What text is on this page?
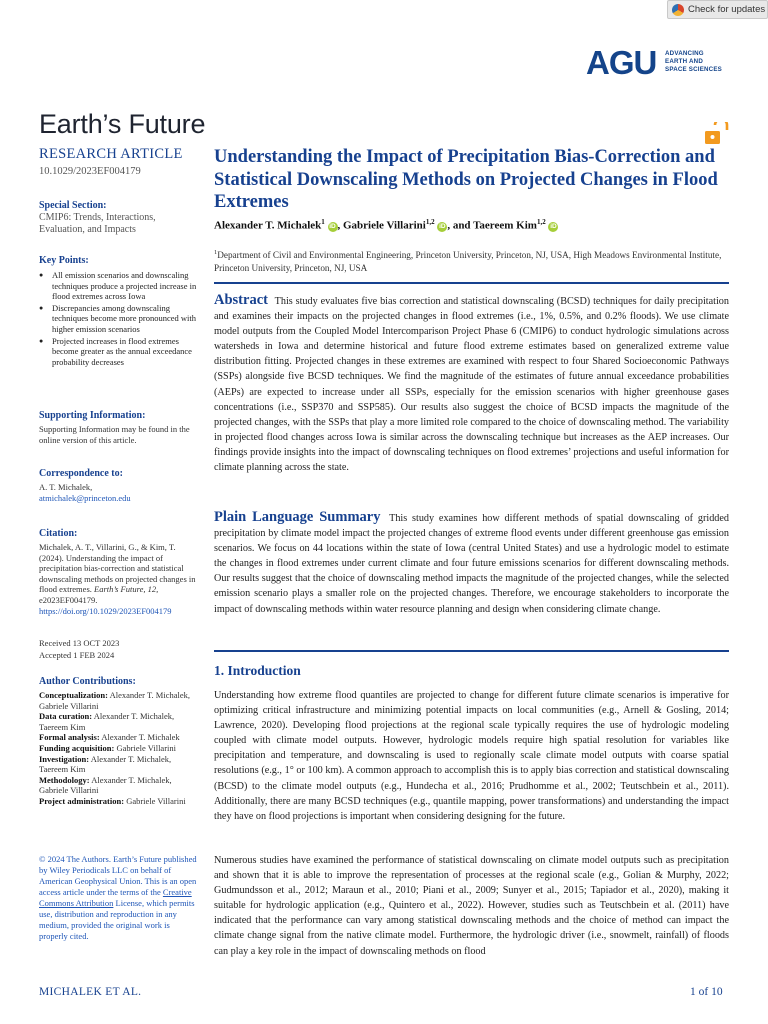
Check for updates
AGU ADVANCING
EARTH AND
SPACE SCIENCES
Earth’s Future
RESEARCH ARTICLE
10.1029/2023EF004179
Special Section:
CMIP6: Trends, Interactions, Evaluation, and Impacts
Key Points:
● All emission scenarios and downscaling techniques produce a projected increase in flood extremes across Iowa
● Discrepancies among downscaling techniques become more pronounced with higher emission scenarios
● Projected increases in flood extremes become greater as the annual exceedance probability decreases
Supporting Information:
Supporting Information may be found in the online version of this article.
Correspondence to:
A. T. Michalek,
atmichalek@princeton.edu
Citation:
Michalek, A. T., Villarini, G., & Kim, T. (2024). Understanding the impact of precipitation bias-correction and statistical downscaling methods on projected changes in flood extremes. Earth’s Future, 12, e2023EF004179. https://doi.org/10.1029/2023EF004179
Received 13 OCT 2023
Accepted 1 FEB 2024
Author Contributions:

Conceptualization: Alexander T. Michalek, Gabriele Villarini

Data curation: Alexander T. Michalek, Taereem Kim

Formal analysis: Alexander T. Michalek

Funding acquisition: Gabriele Villarini

Investigation: Alexander T. Michalek, Taereem Kim

Methodology: Alexander T. Michalek, Gabriele Villarini

Project administration: Gabriele Villarini

© 2024 The Authors. Earth’s Future published by Wiley Periodicals LLC on behalf of American Geophysical Union. This is an open access article under the terms of the Creative Commons Attribution License, which permits use, distribution and reproduction in any medium, provided the original work is properly cited.
Understanding the Impact of Precipitation Bias-Correction and Statistical Downscaling Methods on Projected Changes in Flood Extremes
Alexander T. Michalek$^1$ iD , Gabriele Villarini$^{1,2}$ iD , and Taereem Kim$^{1,2}$ iD
$^1$Department of Civil and Environmental Engineering, Princeton University, Princeton, NJ, USA, High Meadows Environmental Institute, Princeton University, Princeton, NJ, USA
Abstract This study evaluates five bias correction and statistical downscaling (BCSD) techniques for daily precipitation and examines their impacts on the projected changes in flood extremes (i.e., 1%, 0.5%, and 0.2% floods). We use climate model outputs from the Coupled Model Intercomparison Project Phase 6 (CMIP6) to conduct hydrologic simulations across watersheds in Iowa and determine historical and future flood extreme estimates based on generalized extreme value distribution fitting. Projected changes in these extremes are examined with respect to four Shared Socioeconomic Pathways (SSPs) alongside five BCSD techniques. We find the magnitude of the estimates of future annual exceedance probabilities (AEPs) are expected to increase under all SSPs, especially for the emission scenarios with higher greenhouse gases concentrations (i.e., SSP370 and SSP585). Our results also suggest the choice of BCSD impacts the magnitude of the projected changes, with the SSPs that play a more limited role compared to the choice of downscaling method. The variability in projected flood changes across Iowa is similar across the downscaling technique but increases as the AEP increases. Our findings provide insights into the impact of downscaling techniques on flood extremes’ projections and useful information for climate planning across the state.
Plain Language Summary This study examines how different methods of spatial downscaling of gridded precipitation by climate model impact the projected changes of extreme flood events under different greenhouse gas emission scenarios. We focus on 44 locations within the state of Iowa (central United States) and use a hydrologic model to estimate the changes in flood extremes under current climate and four future emissions scenarios for different downscaling methods. Our results suggest that the choice of downscaling method impacts the magnitude of the projected changes, while the selected emission scenario plays a smaller role on the projected changes. Therefore, we encourage stakeholders to incorporate the impact of downscaling methods within water resource planning and design when considering climate change.
1. Introduction
Understanding how extreme flood quantiles are projected to change for different future climate scenarios is imperative for optimizing critical infrastructure and minimizing potential impacts on local communities (e.g., Arnell & Gosling, 2014; Lawrence, 2020). Developing flood projections at the regional scale typically requires the use of hydrologic modeling coupled with climate model outputs. However, hydrologic models require high spatial resolution for variables like precipitation and temperature, and downscaling is used to regionally scale climate model outputs with coarse spatial resolutions (e.g., 1° or 100 km). A common approach to accomplish this is to apply bias correction and statistical downscaling (BCSD) to the climate model outputs (e.g., Hundecha et al., 2016; Prudhomme et al., 2002; Teutschbein et al., 2011). Additionally, there are many BCSD techniques (e.g., quantile mapping, power transformations) and understanding the impact they have on flood projections is important when considering designing for the future.
Numerous studies have examined the performance of statistical downscaling on climate model outputs such as precipitation and shown that it is able to improve the representation of processes at the regional scale (e.g., Golian & Murphy, 2022; Gudmundsson et al., 2012; Maraun et al., 2010; Piani et al., 2009; Sunyer et al., 2015; Tapiador et al., 2020), making it suitable for hydrologic application (e.g., Quintero et al., 2022). However, studies such as Teutschbein et al. (2011) have indicated that the performance can vary among statistical downscaling methods and the choice of method can impact the climate change signal from the native climate model. Furthermore, the hydrologic driver (i.e., snowmelt, rainfall) of floods can play a key role in the impact of downscaling methods on flood
MICHALEK ET AL.	1 of 10
